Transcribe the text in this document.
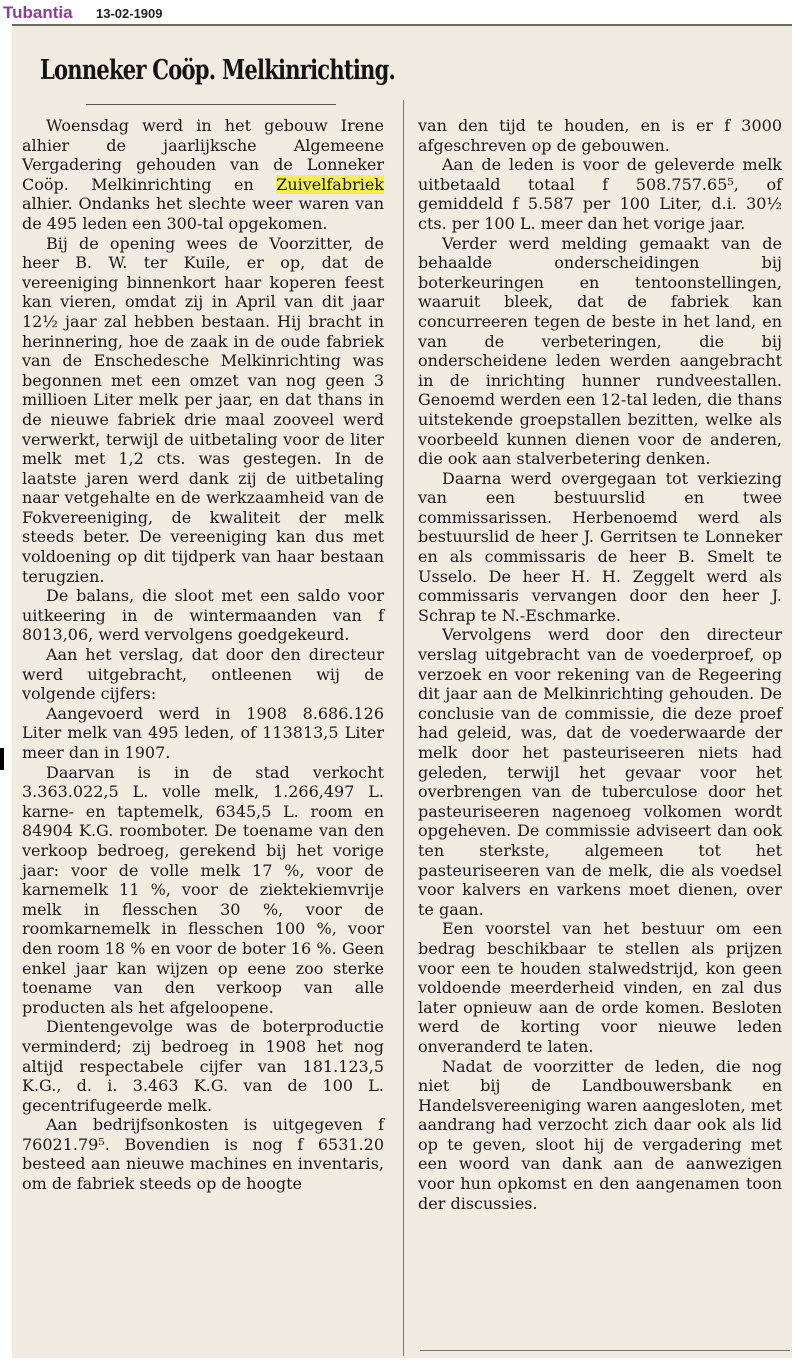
Tubantia 13-02-1909
Lonneker Coöp. Melkinrichting.

Woensdag werd in het gebouw Irene alhier de jaarlijksche Algemeene Vergadering gehouden van de Lonneker Coöp. Melkinrichting en Zuivelfabriek alhier. Ondanks het slechte weer waren van de 495 leden een 300-tal opgekomen.

Bij de opening wees de Voorzitter, de heer B. W. ter Kuile, er op, dat de vereeniging binnenkort haar koperen feest kan vieren, omdat zij in April van dit jaar 12½ jaar zal hebben bestaan. Hij bracht in herinnering, hoe de zaak in de oude fabriek van de Enschedesche Melkinrichting was begonnen met een omzet van nog geen 3 millioen Liter melk per jaar, en dat thans in de nieuwe fabriek drie maal zooveel werd verwerkt, terwijl de uitbetaling voor de liter melk met 1,2 cts. was gestegen. In de laatste jaren werd dank zij de uitbetaling naar vetgehalte en de werkzaamheid van de Fokvereeniging, de kwaliteit der melk steeds beter. De vereeniging kan dus met voldoening op dit tijdperk van haar bestaan terugzien.

De balans, die sloot met een saldo voor uitkeering in de wintermaanden van f 8013,06, werd vervolgens goedgekeurd.

Aan het verslag, dat door den directeur werd uitgebracht, ontleenen wij de volgende cijfers:

Aangevoerd werd in 1908 8.686.126 Liter melk van 495 leden, of 113813,5 Liter meer dan in 1907.

Daarvan is in de stad verkocht 3.363.022,5 L. volle melk, 1.266,497 L. karne- en taptemelk, 6345,5 L. room en 84904 K.G. roomboter. De toename van den verkoop bedroeg, gerekend bij het vorige jaar: voor de volle melk 17 %, voor de karnemelk 11 %, voor de ziektekiemvrije melk in flesschen 30 %, voor de roomkarnemelk in flesschen 100 %, voor den room 18 % en voor de boter 16 %. Geen enkel jaar kan wijzen op eene zoo sterke toename van den verkoop van alle producten als het afgeloopene.

Dientengevolge was de boterproductie verminderd; zij bedroeg in 1908 het nog altijd respectabele cijfer van 181.123,5 K.G., d. i. 3.463 K.G. van de 100 L. gecentrifugeerde melk.

Aan bedrijfsonkosten is uitgegeven f 76021.79⁵. Bovendien is nog f 6531.20 besteed aan nieuwe machines en inventaris, om de fabriek steeds op de hoogte

van den tijd te houden, en is er f 3000 afgeschreven op de gebouwen.

Aan de leden is voor de geleverde melk uitbetaald totaal f 508.757.65⁵, of gemiddeld f 5.587 per 100 Liter, d.i. 30½ cts. per 100 L. meer dan het vorige jaar.

Verder werd melding gemaakt van de behaalde onderscheidingen bij boterkeuringen en tentoonstellingen, waaruit bleek, dat de fabriek kan concurreeren tegen de beste in het land, en van de verbeteringen, die bij onderscheidene leden werden aangebracht in de inrichting hunner rundveestallen. Genoemd werden een 12-tal leden, die thans uitstekende groepstallen bezitten, welke als voorbeeld kunnen dienen voor de anderen, die ook aan stalverbetering denken.

Daarna werd overgegaan tot verkiezing van een bestuurslid en twee commissarissen. Herbenoemd werd als bestuurslid de heer J. Gerritsen te Lonneker en als commissaris de heer B. Smelt te Usselo. De heer H. H. Zeggelt werd als commissaris vervangen door den heer J. Schrap te N.-Eschmarke.

Vervolgens werd door den directeur verslag uitgebracht van de voederproef, op verzoek en voor rekening van de Regeering dit jaar aan de Melkinrichting gehouden. De conclusie van de commissie, die deze proef had geleid, was, dat de voederwaarde der melk door het pasteuriseeren niets had geleden, terwijl het gevaar voor het overbrengen van de tuberculose door het pasteuriseeren nagenoeg volkomen wordt opgeheven. De commissie adviseert dan ook ten sterkste, algemeen tot het pasteuriseeren van de melk, die als voedsel voor kalvers en varkens moet dienen, over te gaan.

Een voorstel van het bestuur om een bedrag beschikbaar te stellen als prijzen voor een te houden stalwedstrijd, kon geen voldoende meerderheid vinden, en zal dus later opnieuw aan de orde komen. Besloten werd de korting voor nieuwe leden onveranderd te laten.

Nadat de voorzitter de leden, die nog niet bij de Landbouwersbank en Handelsvereeniging waren aangesloten, met aandrang had verzocht zich daar ook als lid op te geven, sloot hij de vergadering met een woord van dank aan de aanwezigen voor hun opkomst en den aangenamen toon der discussies.
